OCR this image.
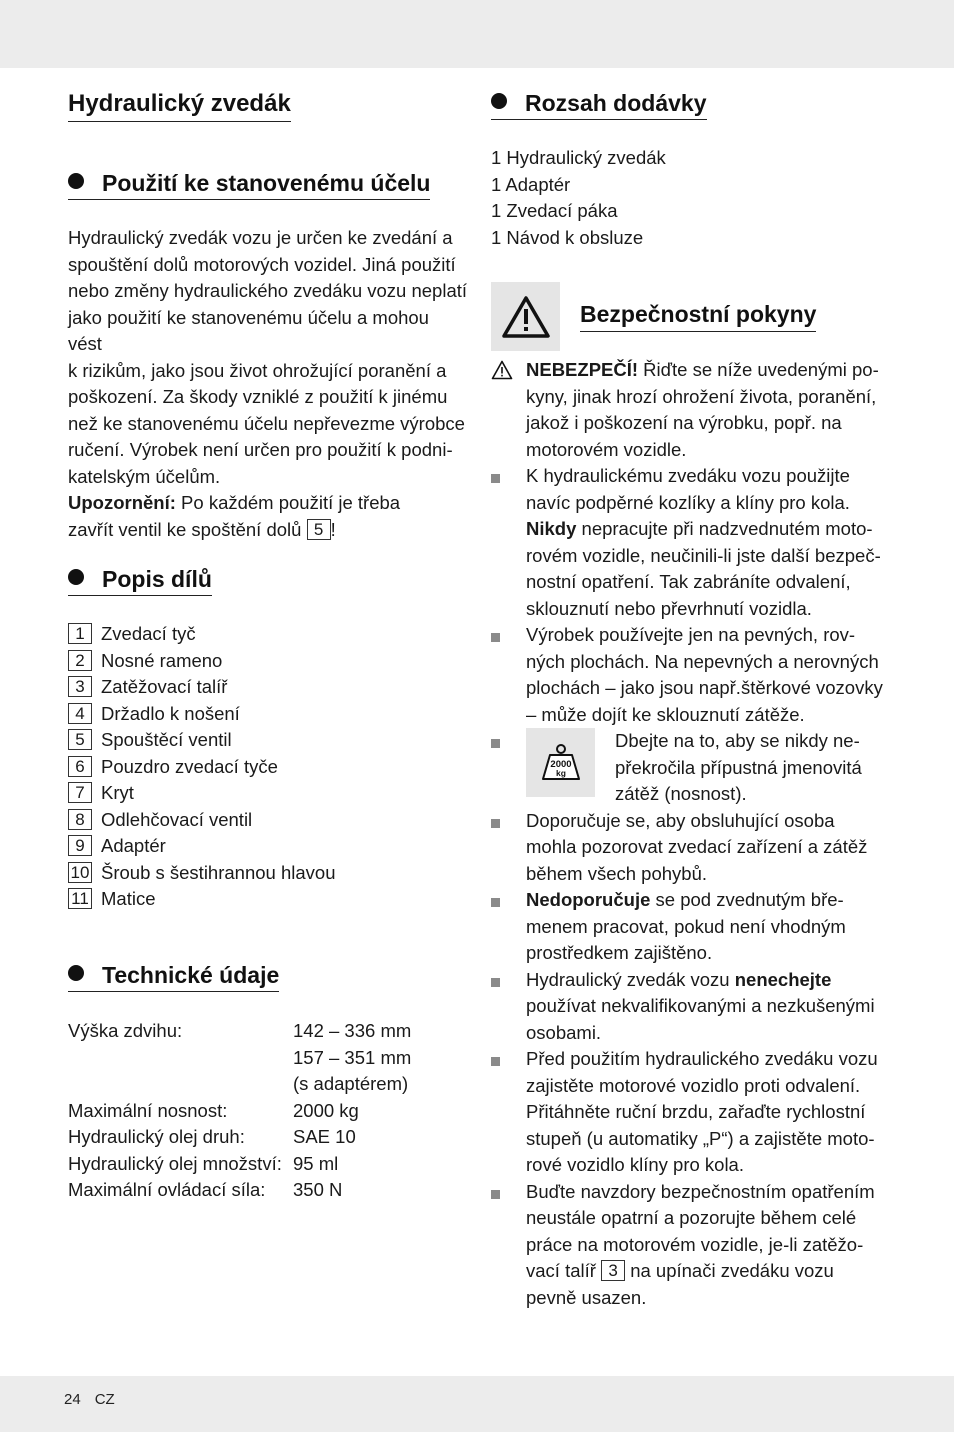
Hydraulický zvedák
Použití ke stanovenému účelu
Hydraulický zvedák vozu je určen ke zvedání a
spouštění dolů motorových vozidel. Jiná použití
nebo změny hydraulického zvedáku vozu neplatí
jako použití ke stanovenému účelu a mohou vést
k rizikům, jako jsou život ohrožující poranění a
poškození. Za škody vzniklé z použití k jinému
než ke stanovenému účelu nepřevezme výrobce
ručení. Výrobek není určen pro použití k podni-
katelským účelům.
Upozornění: Po každém použití je třeba
zavřít ventil ke spoštění dolů 5 !
Popis dílů
1 Zvedací tyč
2 Nosné rameno
3 Zatěžovací talíř
4 Držadlo k nošení
5 Spouštěcí ventil
6 Pouzdro zvedací tyče
7 Kryt
8 Odlehčovací ventil
9 Adaptér
10 Šroub s šestihrannou hlavou
11 Matice
Technické údaje
Výška zdvihu:	142 – 336 mm
157 – 351 mm
(s adaptérem)
Maximální nosnost:	2000 kg
Hydraulický olej druh:	SAE 10
Hydraulický olej množství: 95 ml
Maximální ovládací síla:	350 N
Rozsah dodávky
1 Hydraulický zvedák
1 Adaptér
1 Zvedací páka
1 Návod k obsluze
Bezpečnostní pokyny
NEBEZPEČÍ! Řiďte se níže uvedenými po-
kyny, jinak hrozí ohrožení života, poranění,
jakož i poškození na výrobku, popř. na
motorovém vozidle.
K hydraulickému zvedáku vozu použijte
navíc podpěrné kozlíky a klíny pro kola.
Nikdy nepracujte při nadzvednutém moto-
rovém vozidle, neučinili-li jste další bezpeč-
nostní opatření. Tak zabráníte odvalení,
sklouznutí nebo převrhnutí vozidla.
Výrobek používejte jen na pevných, rov-
ných plochách. Na nepevných a nerovných
plochách – jako jsou např.štěrkové vozovky
– může dojít ke sklouznutí zátěže.
2000
kg
Dbejte na to, aby se nikdy ne-
překročila přípustná jmenovitá
zátěž (nosnost).
Doporučuje se, aby obsluhující osoba
mohla pozorovat zvedací zařízení a zátěž
během všech pohybů.
Nedoporučuje se pod zvednutým bře-
menem pracovat, pokud není vhodným
prostředkem zajištěno.
Hydraulický zvedák vozu nenechejte
používat nekvalifikovanými a nezkušenými
osobami.
Před použitím hydraulického zvedáku vozu
zajistěte motorové vozidlo proti odvalení.
Přitáhněte ruční brzdu, zařaďte rychlostní
stupeň (u automatiky „P“) a zajistěte moto-
rové vozidlo klíny pro kola.
Buďte navzdory bezpečnostním opatřením
neustále opatrní a pozorujte během celé
práce na motorovém vozidle, je-li zatěžo-
vací talíř 3 na upínači zvedáku vozu
pevně usazen.
24 CZ
